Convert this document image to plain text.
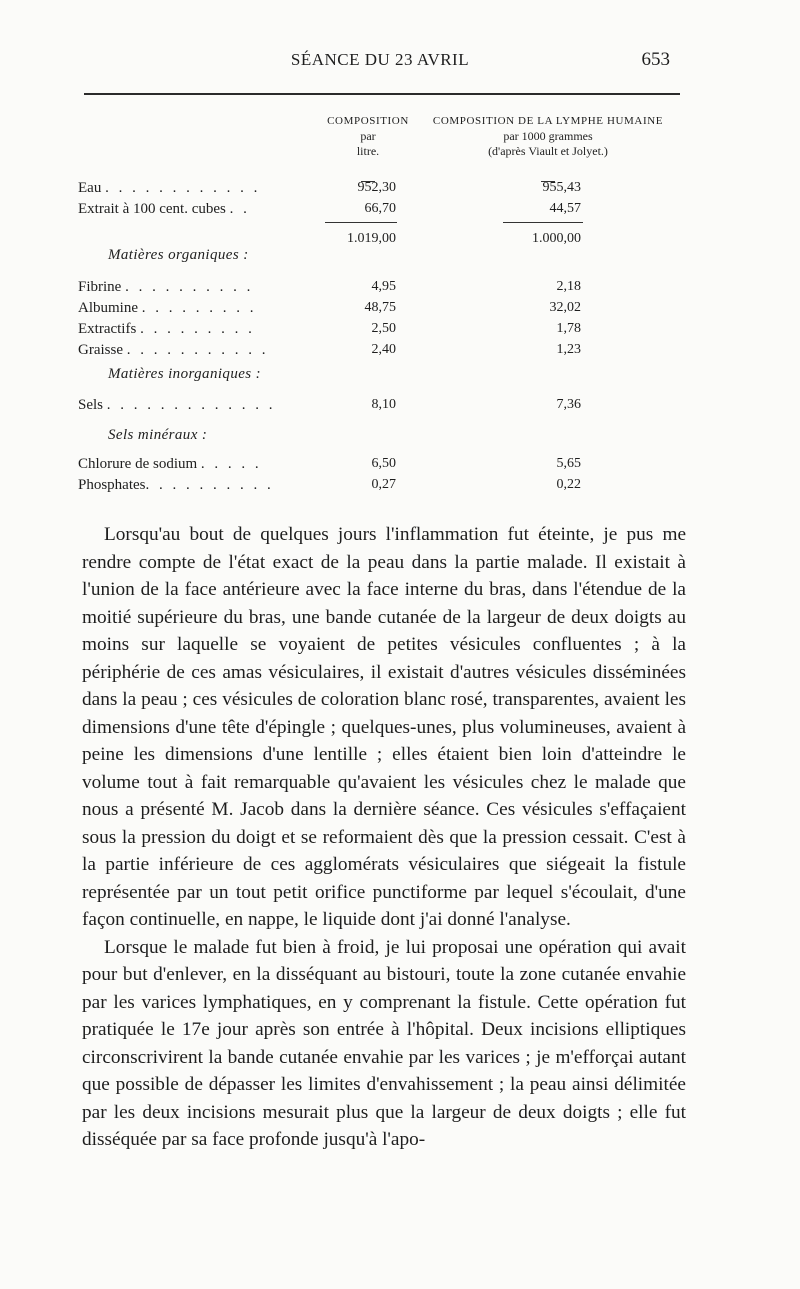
SÉANCE DU 23 AVRIL	653
COMPOSITION
par
litre.
COMPOSITION DE LA LYMPHE HUMAINE
par 1000 grammes
(d'après Viault et Jolyet.)
Eau . . . . . . . . . . . .	952,30	955,43
Extrait à 100 cent. cubes . .	66,70	44,57
1.019,00	1.000,00
Matières organiques :
Fibrine . . . . . . . . . .	4,95	2,18
Albumine . . . . . . . . .	48,75	32,02
Extractifs . . . . . . . . .	2,50	1,78
Graisse . . . . . . . . . . .	2,40	1,23
Matières inorganiques :
Sels . . . . . . . . . . . . .	8,10	7,36
Sels minéraux :
Chlorure de sodium . . . . .	6,50	5,65
Phosphates. . . . . . . . . .	0,27	0,22

Lorsqu'au bout de quelques jours l'inflammation fut éteinte, je pus me rendre compte de l'état exact de la peau dans la partie malade. Il existait à l'union de la face antérieure avec la face interne du bras, dans l'étendue de la moitié supérieure du bras, une bande cutanée de la largeur de deux doigts au moins sur laquelle se voyaient de petites vésicules confluentes ; à la périphérie de ces amas vésiculaires, il existait d'autres vésicules disséminées dans la peau ; ces vésicules de coloration blanc rosé, transparentes, avaient les dimensions d'une tête d'épingle ; quelques-unes, plus volumineuses, avaient à peine les dimensions d'une lentille ; elles étaient bien loin d'atteindre le volume tout à fait remarquable qu'avaient les vésicules chez le malade que nous a présenté M. Jacob dans la dernière séance. Ces vésicules s'effaçaient sous la pression du doigt et se reformaient dès que la pression cessait. C'est à la partie inférieure de ces agglomérats vésiculaires que siégeait la fistule représentée par un tout petit orifice punctiforme par lequel s'écoulait, d'une façon continuelle, en nappe, le liquide dont j'ai donné l'analyse.

Lorsque le malade fut bien à froid, je lui proposai une opération qui avait pour but d'enlever, en la disséquant au bistouri, toute la zone cutanée envahie par les varices lymphatiques, en y comprenant la fistule. Cette opération fut pratiquée le 17e jour après son entrée à l'hôpital. Deux incisions elliptiques circonscrivirent la bande cutanée envahie par les varices ; je m'efforçai autant que possible de dépasser les limites d'envahissement ; la peau ainsi délimitée par les deux incisions mesurait plus que la largeur de deux doigts ; elle fut disséquée par sa face profonde jusqu'à l'apo-
